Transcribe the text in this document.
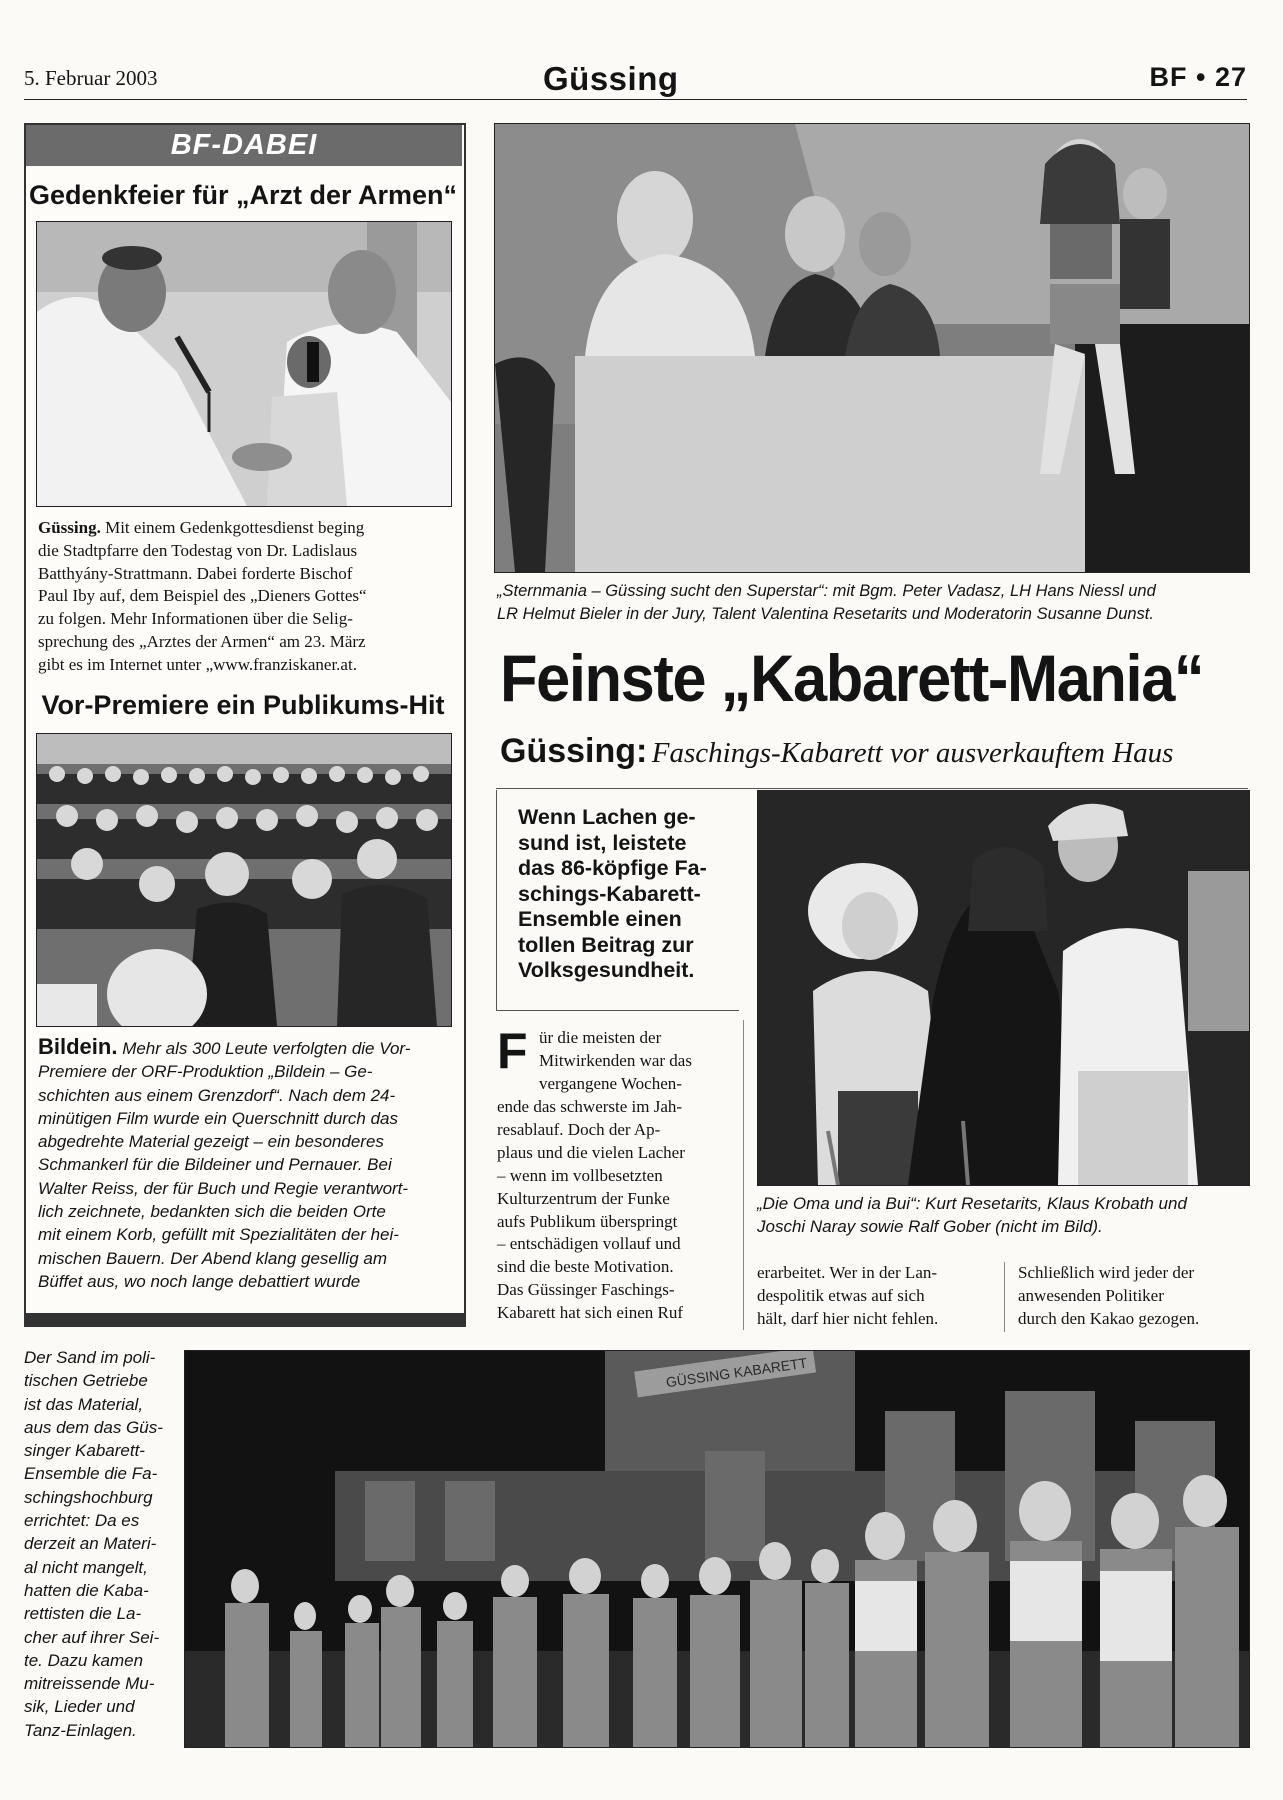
5. Februar 2003	Güssing	BF • 27
BF-DABEI
Gedenkfeier für „Arzt der Armen“
Güssing. Mit einem Gedenkgottesdienst beging
die Stadtpfarre den Todestag von Dr. Ladislaus
Batthyány-Strattmann. Dabei forderte Bischof
Paul Iby auf, dem Beispiel des „Dieners Gottes“
zu folgen. Mehr Informationen über die Selig-
sprechung des „Arztes der Armen“ am 23. März
gibt es im Internet unter „www.franziskaner.at.
Vor-Premiere ein Publikums-Hit
Bildein. Mehr als 300 Leute verfolgten die Vor-
Premiere der ORF-Produktion „Bildein – Ge-
schichten aus einem Grenzdorf“. Nach dem 24-
minütigen Film wurde ein Querschnitt durch das
abgedrehte Material gezeigt – ein besonderes
Schmankerl für die Bildeiner und Pernauer. Bei
Walter Reiss, der für Buch und Regie verantwort-
lich zeichnete, bedankten sich die beiden Orte
mit einem Korb, gefüllt mit Spezialitäten der hei-
mischen Bauern. Der Abend klang gesellig am
Büffet aus, wo noch lange debattiert wurde
„Sternmania – Güssing sucht den Superstar“: mit Bgm. Peter Vadasz, LH Hans Niessl und
LR Helmut Bieler in der Jury, Talent Valentina Resetarits und Moderatorin Susanne Dunst.
Feinste „Kabarett-Mania“
Güssing: Faschings-Kabarett vor ausverkauftem Haus
Wenn Lachen ge-
sund ist, leistete
das 86-köpfige Fa-
schings-Kabarett-
Ensemble einen
tollen Beitrag zur
Volksgesundheit.
F ür die meisten der
Mitwirkenden war das
vergangene Wochen-
ende das schwerste im Jah-
resablauf. Doch der Ap-
plaus und die vielen Lacher
– wenn im vollbesetzten
Kulturzentrum der Funke
aufs Publikum überspringt
– entschädigen vollauf und
sind die beste Motivation.
Das Güssinger Faschings-
Kabarett hat sich einen Ruf
„Die Oma und ia Bui“: Kurt Resetarits, Klaus Krobath und
Joschi Naray sowie Ralf Gober (nicht im Bild).
erarbeitet. Wer in der Lan-
despolitik etwas auf sich
hält, darf hier nicht fehlen.
Schließlich wird jeder der
anwesenden Politiker
durch den Kakao gezogen.
Der Sand im poli-
tischen Getriebe
ist das Material,
aus dem das Güs-
singer Kabarett-
Ensemble die Fa-
schingshochburg
errichtet: Da es
derzeit an Materi-
al nicht mangelt,
hatten die Kaba-
rettisten die La-
cher auf ihrer Sei-
te. Dazu kamen
mitreissende Mu-
sik, Lieder und
Tanz-Einlagen.
GÜSSING KABARETT
